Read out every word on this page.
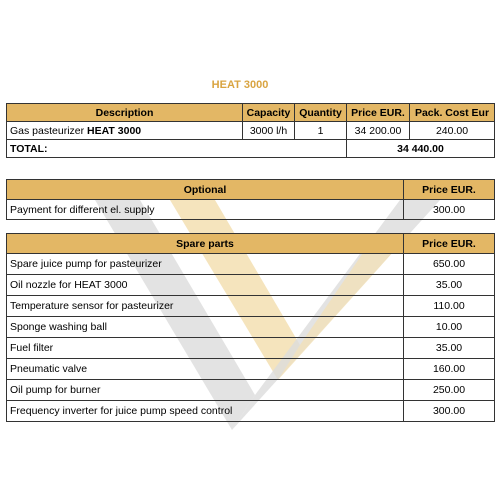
HEAT 3000
Description	Capacity	Quantity	Price EUR.	Pack. Cost Eur
Gas pasteurizer HEAT 3000	3000 l/h	1	34 200.00	240.00
TOTAL:			34 440.00	
Optional	Price EUR.
Payment for different el. supply	300.00
Spare parts	Price EUR.
Spare juice pump for pasteurizer	650.00
Oil nozzle for HEAT 3000	35.00
Temperature sensor for pasteurizer	110.00
Sponge washing ball	10.00
Fuel filter	35.00
Pneumatic valve	160.00
Oil pump for burner	250.00
Frequency inverter for juice pump speed control	300.00
